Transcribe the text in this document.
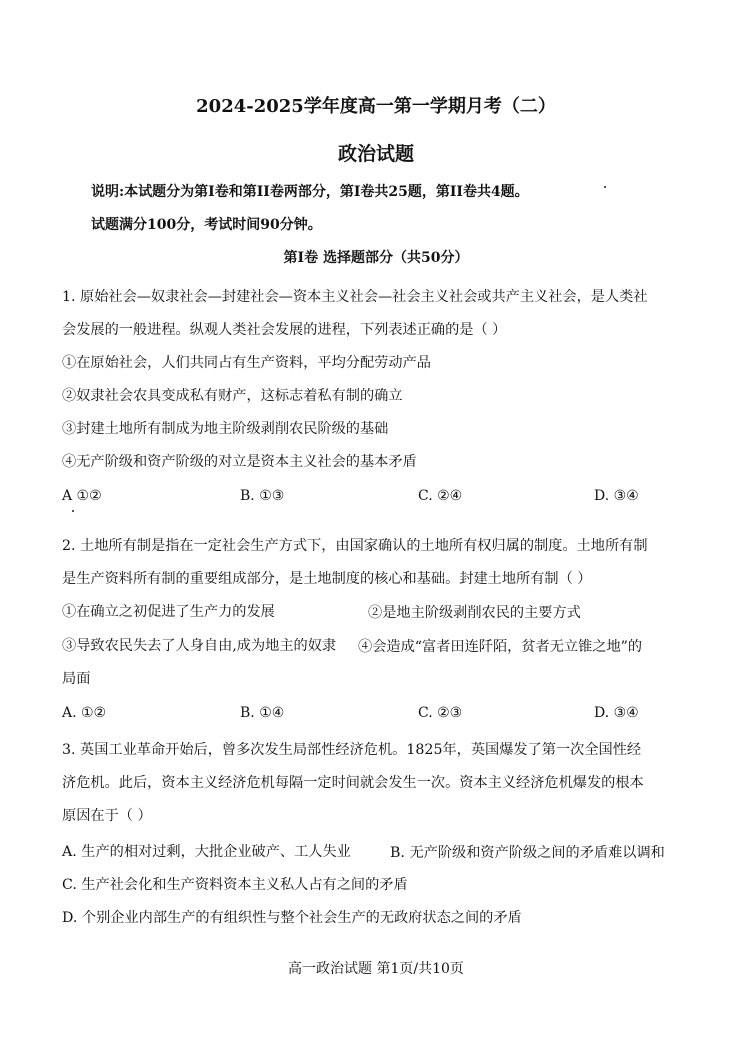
2024-2025学年度高一第一学期月考（二）
政治试题
说明:本试题分为第Ⅰ卷和第II卷两部分，第Ⅰ卷共25题，第II卷共4题。
试题满分100分，考试时间90分钟。
第Ⅰ卷 选择题部分（共50分）
1. 原始社会—奴隶社会—封建社会—资本主义社会—社会主义社会或共产主义社会，是人类社
会发展的一般进程。纵观人类社会发展的进程，下列表述正确的是（ ）
①在原始社会，人们共同占有生产资料，平均分配劳动产品
②奴隶社会农具变成私有财产，这标志着私有制的确立
③封建土地所有制成为地主阶级剥削农民阶级的基础
④无产阶级和资产阶级的对立是资本主义社会的基本矛盾
A ①②	B. ①③	C. ②④	D. ③④
2. 土地所有制是指在一定社会生产方式下，由国家确认的土地所有权归属的制度。土地所有制
是生产资料所有制的重要组成部分，是土地制度的核心和基础。封建土地所有制（ ）
①在确立之初促进了生产力的发展	②是地主阶级剥削农民的主要方式
③导致农民失去了人身自由,成为地主的奴隶 ④会造成“富者田连阡陌，贫者无立锥之地”的
局面
A. ①②	B. ①④	C. ②③	D. ③④
3. 英国工业革命开始后，曾多次发生局部性经济危机。1825年，英国爆发了第一次全国性经
济危机。此后，资本主义经济危机每隔一定时间就会发生一次。资本主义经济危机爆发的根本
原因在于（ ）
A. 生产的相对过剩，大批企业破产、工人失业	B. 无产阶级和资产阶级之间的矛盾难以调和
C. 生产社会化和生产资料资本主义私人占有之间的矛盾
D. 个别企业内部生产的有组织性与整个社会生产的无政府状态之间的矛盾
高一政治试题 第1页/共10页
